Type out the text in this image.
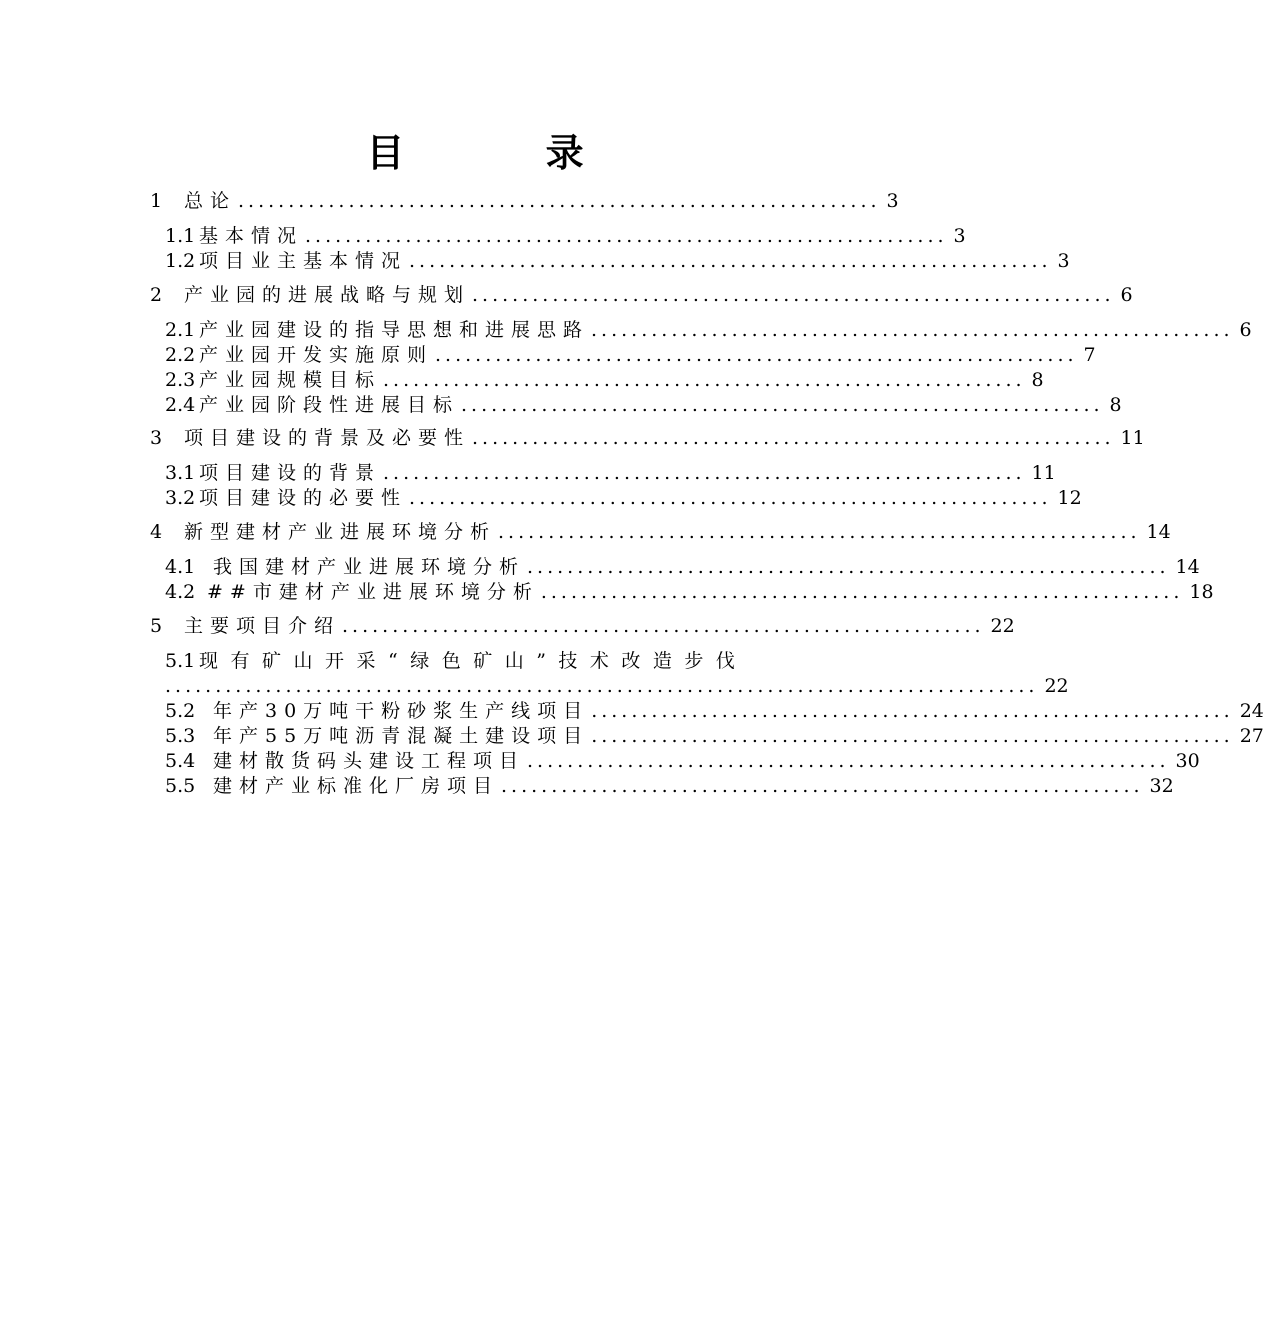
目 录
1	总论 ................................................................ 3
1.1 基本情况 ................................................................ 3
1.2 项目业主基本情况 ................................................................ 3
2	产业园的进展战略与规划 ................................................................ 6
2.1 产业园建设的指导思想和进展思路 ................................................................ 6
2.2 产业园开发实施原则 ................................................................ 7
2.3 产业园规模目标 ................................................................ 8
2.4 产业园阶段性进展目标 ................................................................ 8
3	项目建设的背景及必要性 ................................................................ 11
3.1 项目建设的背景 ................................................................ 11
3.2 项目建设的必要性 ................................................................ 12
4	新型建材产业进展环境分析 ................................................................ 14
4.1 我国建材产业进展环境分析 ................................................................ 14
4.2 ##市建材产业进展环境分析 ................................................................ 18
5	主要项目介绍 ................................................................ 22
5.1 现有矿山开采“绿色矿山”技术改造步伐
....................................................................................... 22
5.2 年产30万吨干粉砂浆生产线项目 ................................................................ 24
5.3 年产55万吨沥青混凝土建设项目 ................................................................ 27
5.4 建材散货码头建设工程项目 ................................................................ 30
5.5 建材产业标准化厂房项目 ................................................................ 32
